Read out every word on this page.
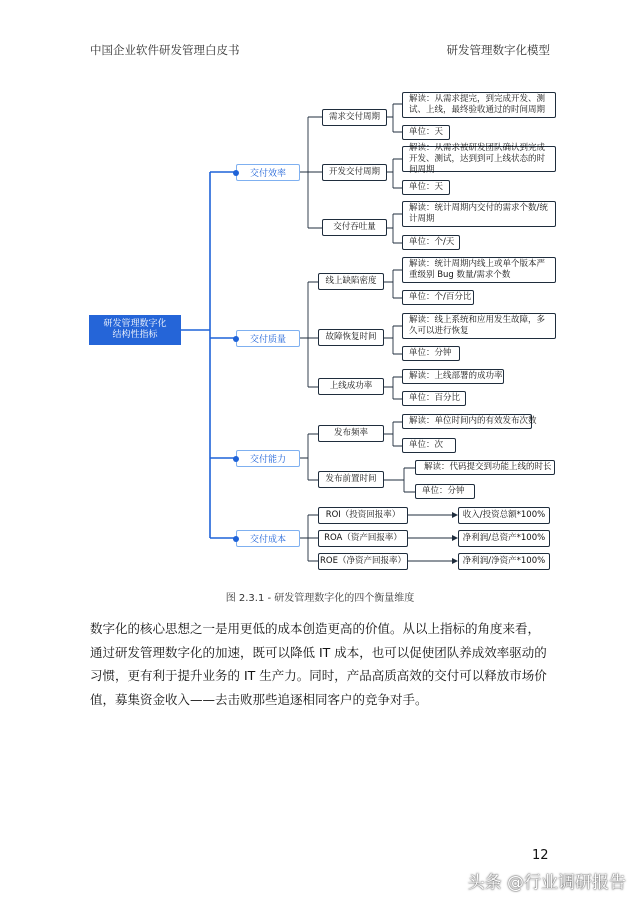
中国企业软件研发管理白皮书	研发管理数字化模型
研发管理数字化
结构性指标
交付效率
交付质量
交付能力
交付成本
需求交付周期
解读：从需求提完，到完成开发、测试、上线，最终验收通过的时间周期
单位：天
开发交付周期
解读：从需求被研发团队确认到完成开发、测试，达到到可上线状态的时间周期
单位：天
交付吞吐量
解读：统计周期内交付的需求个数/统计周期
单位：个/天
线上缺陷密度
解读：统计周期内线上或单个版本严重级别 Bug 数量/需求个数
单位：个/百分比
故障恢复时间
解读：线上系统和应用发生故障，多久可以进行恢复
单位：分钟
上线成功率
解读：上线部署的成功率
单位：百分比
发布频率
解读：单位时间内的有效发布次数
单位：次
发布前置时间
解读：代码提交到功能上线的时长
单位：分钟
ROI（投资回报率）	收入/投资总额*100%
ROA（资产回报率）	净利润/总资产*100%
ROE（净资产回报率）	净利润/净资产*100%
图 2.3.1 - 研发管理数字化的四个衡量维度
数字化的核心思想之一是用更低的成本创造更高的价值。从以上指标的角度来看，通过研发管理数字化的加速，既可以降低 IT 成本，也可以促使团队养成效率驱动的习惯，更有利于提升业务的 IT 生产力。同时，产品高质高效的交付可以释放市场价值，募集资金收入——去击败那些追逐相同客户的竞争对手。
12
头条 @行业调研报告
